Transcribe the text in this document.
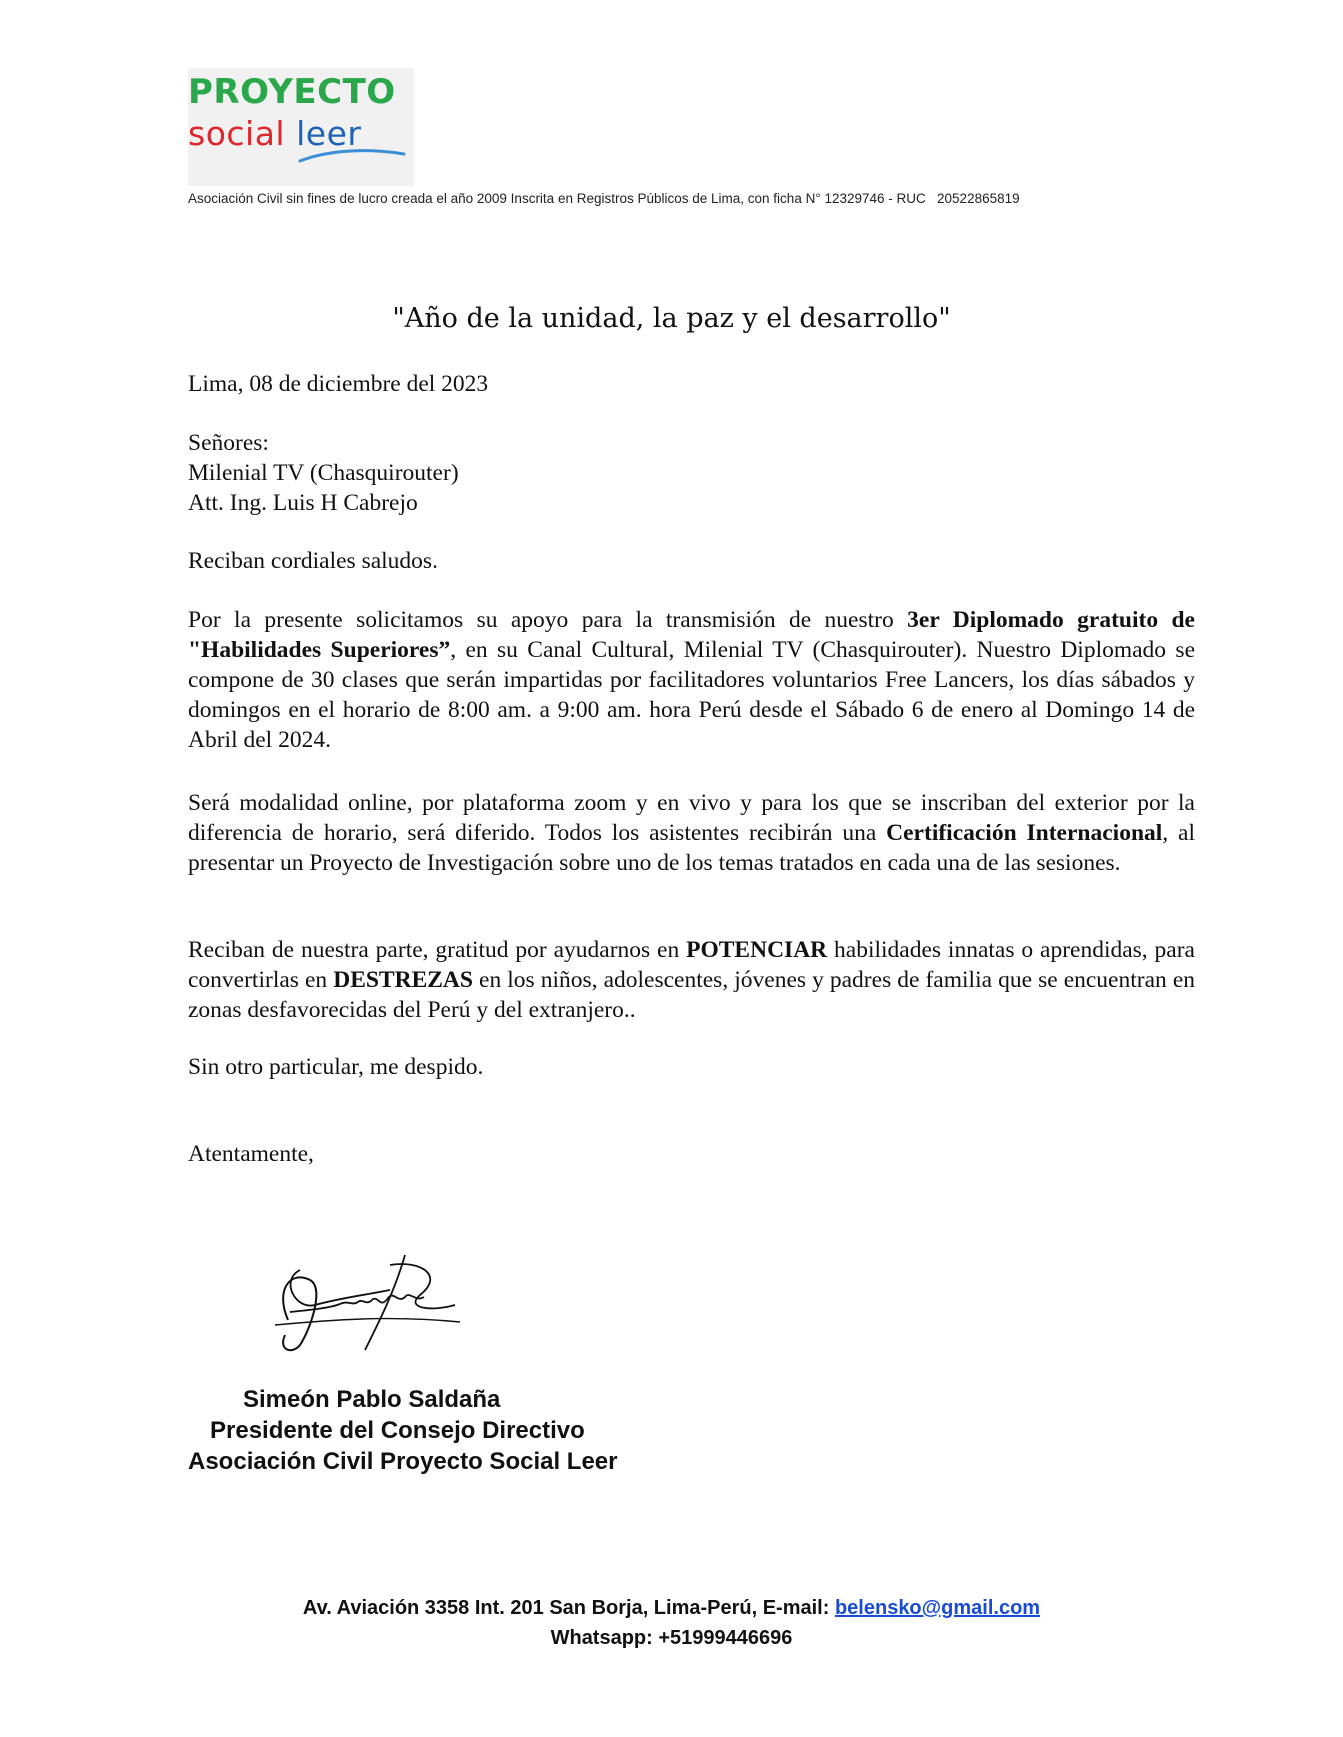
PROYECTO
social leer
Asociación Civil sin fines de lucro creada el año 2009 Inscrita en Registros Públicos de Lima, con ficha N° 12329746 - RUC   20522865819
"Año de la unidad, la paz y el desarrollo"
Lima, 08 de diciembre del 2023
Señores:
Milenial TV (Chasquirouter)
Att. Ing. Luis H Cabrejo
Reciban cordiales saludos.
Por la presente solicitamos su apoyo para la transmisión de nuestro 3er Diplomado gratuito de "Habilidades Superiores”, en su Canal Cultural, Milenial TV (Chasquirouter). Nuestro Diplomado se compone de 30 clases que serán impartidas por facilitadores voluntarios Free Lancers, los días sábados y domingos en el horario de 8:00 am. a 9:00 am. hora Perú desde el Sábado 6 de enero al Domingo 14 de Abril del 2024.
Será modalidad online, por plataforma zoom y en vivo y para los que se inscriban del exterior por la diferencia de horario, será diferido. Todos los asistentes recibirán una Certificación Internacional, al presentar un Proyecto de Investigación sobre uno de los temas tratados en cada una de las sesiones.
Reciban de nuestra parte, gratitud por ayudarnos en POTENCIAR habilidades innatas o aprendidas, para convertirlas en DESTREZAS en los niños, adolescentes, jóvenes y padres de familia que se encuentran en zonas desfavorecidas del Perú y del extranjero..
Sin otro particular, me despido.
Atentamente,
Simeón Pablo Saldaña
Presidente del Consejo Directivo
Asociación Civil Proyecto Social Leer
Av. Aviación 3358 Int. 201 San Borja, Lima-Perú, E-mail: belensko@gmail.com
Whatsapp: +51999446696
